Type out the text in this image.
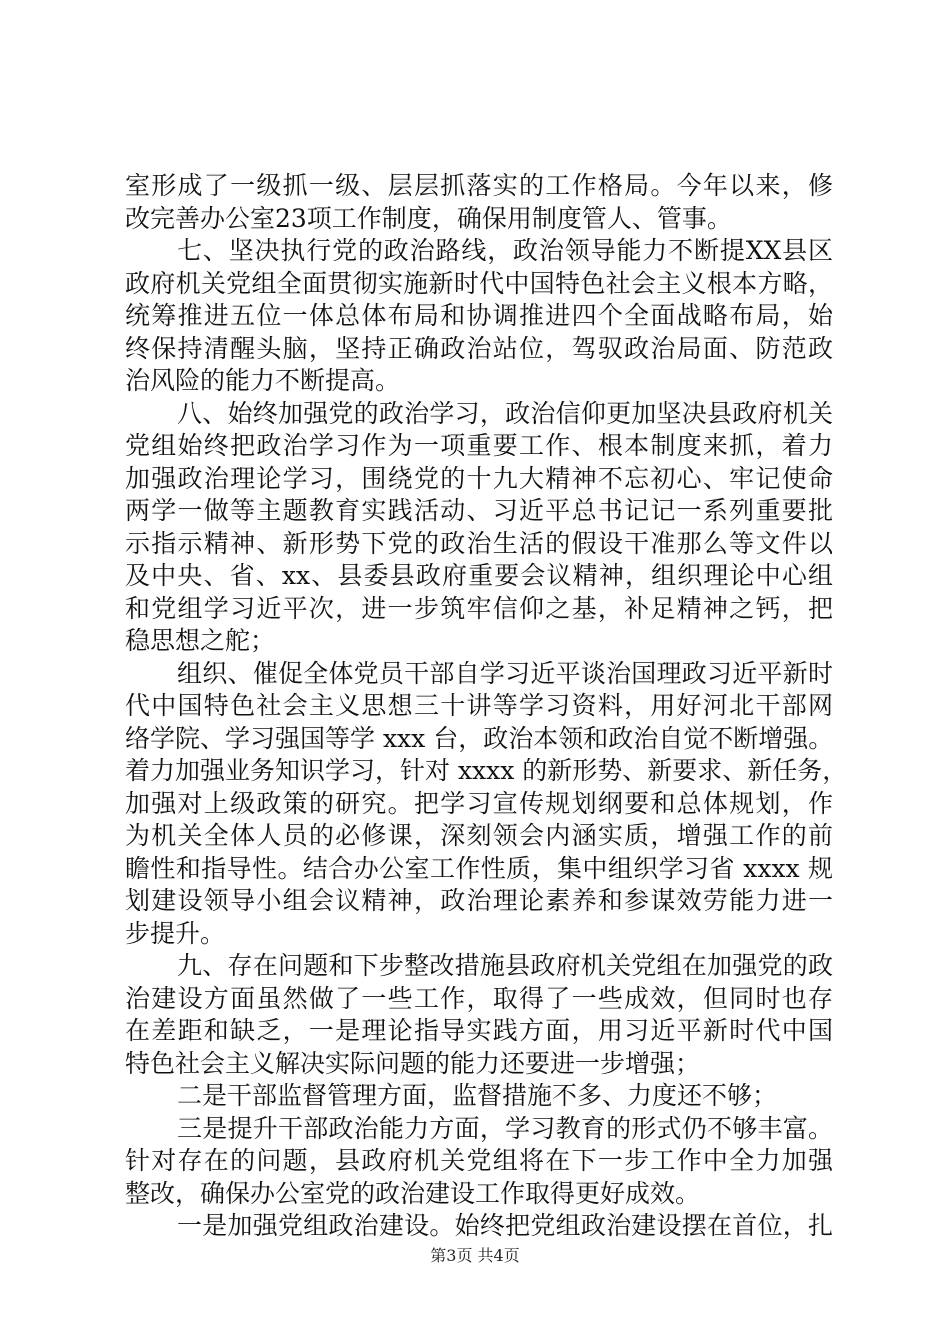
室形成了一级抓一级、层层抓落实的工作格局。今年以来，修
改完善办公室23项工作制度，确保用制度管人、管事。
七、坚决执行党的政治路线，政治领导能力不断提XX县区
政府机关党组全面贯彻实施新时代中国特色社会主义根本方略，
统筹推进五位一体总体布局和协调推进四个全面战略布局，始
终保持清醒头脑，坚持正确政治站位，驾驭政治局面、防范政
治风险的能力不断提高。
八、始终加强党的政治学习，政治信仰更加坚决县政府机关
党组始终把政治学习作为一项重要工作、根本制度来抓，着力
加强政治理论学习，围绕党的十九大精神不忘初心、牢记使命
两学一做等主题教育实践活动、习近平总书记记一系列重要批
示指示精神、新形势下党的政治生活的假设干准那么等文件以
及中央、省、xx、县委县政府重要会议精神，组织理论中心组
和党组学习近平次，进一步筑牢信仰之基，补足精神之钙，把
稳思想之舵；
组织、催促全体党员干部自学习近平谈治国理政习近平新时
代中国特色社会主义思想三十讲等学习资料，用好河北干部网
络学院、学习强国等学 xxx 台，政治本领和政治自觉不断增强。
着力加强业务知识学习，针对 xxxx 的新形势、新要求、新任务，
加强对上级政策的研究。把学习宣传规划纲要和总体规划，作
为机关全体人员的必修课，深刻领会内涵实质，增强工作的前
瞻性和指导性。结合办公室工作性质，集中组织学习省 xxxx 规
划建设领导小组会议精神，政治理论素养和参谋效劳能力进一
步提升。
九、存在问题和下步整改措施县政府机关党组在加强党的政
治建设方面虽然做了一些工作，取得了一些成效，但同时也存
在差距和缺乏，一是理论指导实践方面，用习近平新时代中国
特色社会主义解决实际问题的能力还要进一步增强；
二是干部监督管理方面，监督措施不多、力度还不够；
三是提升干部政治能力方面，学习教育的形式仍不够丰富。
针对存在的问题，县政府机关党组将在下一步工作中全力加强
整改，确保办公室党的政治建设工作取得更好成效。
一是加强党组政治建设。始终把党组政治建设摆在首位，扎
第3页 共4页
